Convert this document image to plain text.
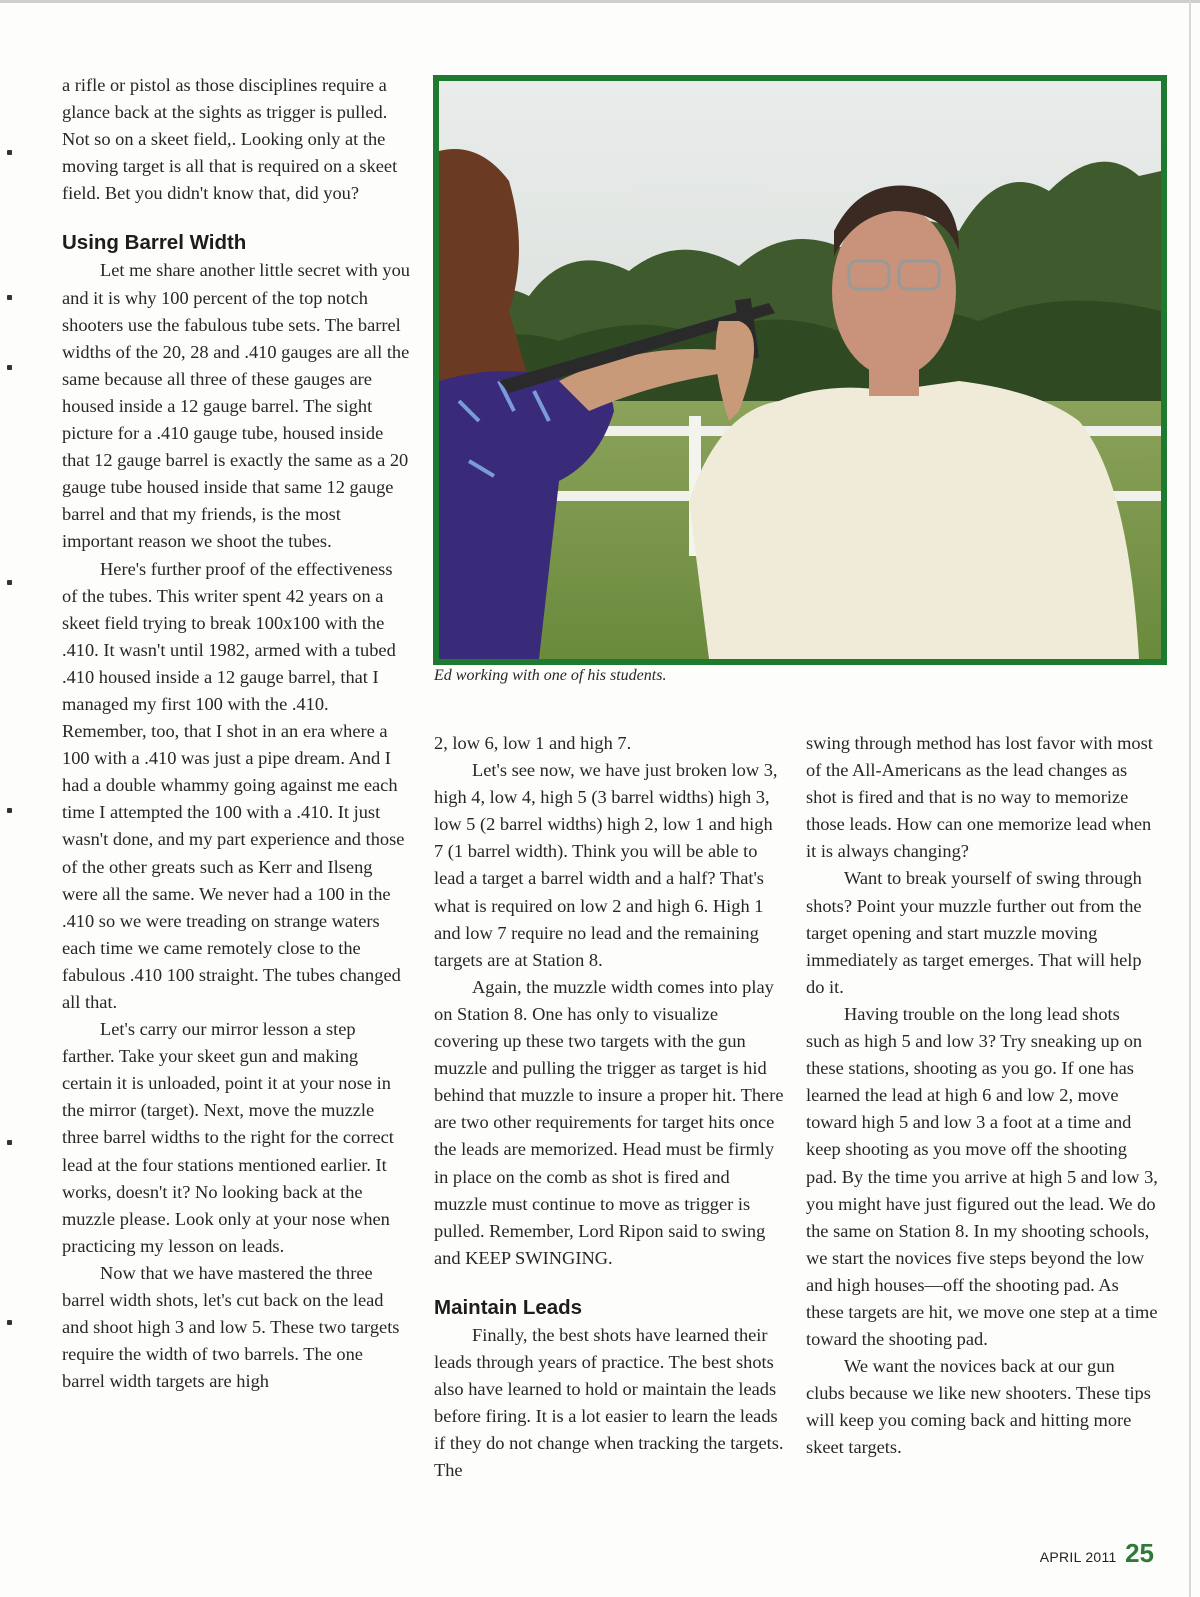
a rifle or pistol as those disciplines require a glance back at the sights as trigger is pulled. Not so on a skeet field,. Looking only at the moving target is all that is required on a skeet field. Bet you didn't know that, did you?

Using Barrel Width

Let me share another little secret with you and it is why 100 percent of the top notch shooters use the fabulous tube sets. The barrel widths of the 20, 28 and .410 gauges are all the same because all three of these gauges are housed inside a 12 gauge barrel. The sight picture for a .410 gauge tube, housed inside that 12 gauge barrel is exactly the same as a 20 gauge tube housed inside that same 12 gauge barrel and that my friends, is the most important reason we shoot the tubes.

Here's further proof of the effectiveness of the tubes. This writer spent 42 years on a skeet field trying to break 100x100 with the .410. It wasn't until 1982, armed with a tubed .410 housed inside a 12 gauge barrel, that I managed my first 100 with the .410. Remember, too, that I shot in an era where a 100 with a .410 was just a pipe dream. And I had a double whammy going against me each time I attempted the 100 with a .410. It just wasn't done, and my part experience and those of the other greats such as Kerr and Ilseng were all the same. We never had a 100 in the .410 so we were treading on strange waters each time we came remotely close to the fabulous .410 100 straight. The tubes changed all that.

Let's carry our mirror lesson a step farther. Take your skeet gun and making certain it is unloaded, point it at your nose in the mirror (target). Next, move the muzzle three barrel widths to the right for the correct lead at the four stations mentioned earlier. It works, doesn't it? No looking back at the muzzle please. Look only at your nose when practicing my lesson on leads.

Now that we have mastered the three barrel width shots, let's cut back on the lead and shoot high 3 and low 5. These two targets require the width of two barrels. The one barrel width targets are high

Ed working with one of his students.

2, low 6, low 1 and high 7.

Let's see now, we have just broken low 3, high 4, low 4, high 5 (3 barrel widths) high 3, low 5 (2 barrel widths) high 2, low 1 and high 7 (1 barrel width). Think you will be able to lead a target a barrel width and a half? That's what is required on low 2 and high 6. High 1 and low 7 require no lead and the remaining targets are at Station 8.

Again, the muzzle width comes into play on Station 8. One has only to visualize covering up these two targets with the gun muzzle and pulling the trigger as target is hid behind that muzzle to insure a proper hit. There are two other requirements for target hits once the leads are memorized. Head must be firmly in place on the comb as shot is fired and muzzle must continue to move as trigger is pulled. Remember, Lord Ripon said to swing and KEEP SWINGING.

Maintain Leads

Finally, the best shots have learned their leads through years of practice. The best shots also have learned to hold or maintain the leads before firing. It is a lot easier to learn the leads if they do not change when tracking the targets. The

swing through method has lost favor with most of the All-Americans as the lead changes as shot is fired and that is no way to memorize those leads. How can one memorize lead when it is always changing?

Want to break yourself of swing through shots? Point your muzzle further out from the target opening and start muzzle moving immediately as target emerges. That will help do it.

Having trouble on the long lead shots such as high 5 and low 3? Try sneaking up on these stations, shooting as you go. If one has learned the lead at high 6 and low 2, move toward high 5 and low 3 a foot at a time and keep shooting as you move off the shooting pad. By the time you arrive at high 5 and low 3, you might have just figured out the lead. We do the same on Station 8. In my shooting schools, we start the novices five steps beyond the low and high houses—off the shooting pad. As these targets are hit, we move one step at a time toward the shooting pad.

We want the novices back at our gun clubs because we like new shooters. These tips will keep you coming back and hitting more skeet targets.

APRIL 2011 25
